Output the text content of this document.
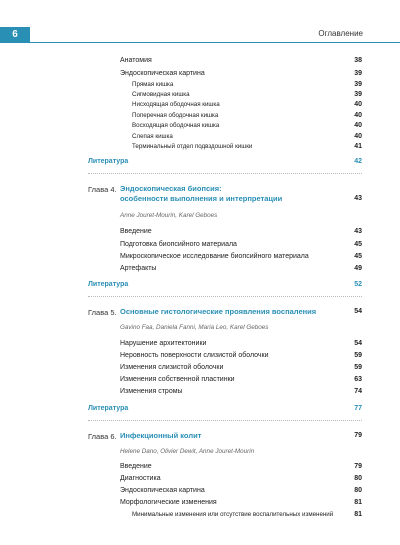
6	Оглавление
Анатомия	38
Эндоскопическая картина	39
Прямая кишка	39
Сигмовидная кишка	39
Нисходящая ободочная кишка	40
Поперечная ободочная кишка	40
Восходящая ободочная кишка	40
Слепая кишка	40
Терминальный отдел подвздошной кишки	41
Литература	42
Глава 4. Эндоскопическая биопсия:
особенности выполнения и интерпретации	43
Anne Jouret-Mourin, Karel Geboes
Введение	43
Подготовка биопсийного материала	45
Микроскопическое исследование биопсийного материала	45
Артефакты	49
Литература	52
Глава 5. Основные гистологические проявления воспаления	54
Gavino Faa, Daniela Fanni, Maria Leo, Karel Geboes
Нарушение архитектоники	54
Неровность поверхности слизистой оболочки	59
Изменения слизистой оболочки	59
Изменения собственной пластинки	63
Изменения стромы	74
Литература	77
Глава 6. Инфекционный колит	79
Helene Dano, Olivier Dewit, Anne Jouret-Mourin
Введение	79
Диагностика	80
Эндоскопическая картина	80
Морфологические изменения	81
Минимальные изменения или отсутствие воспалительных изменений	81
